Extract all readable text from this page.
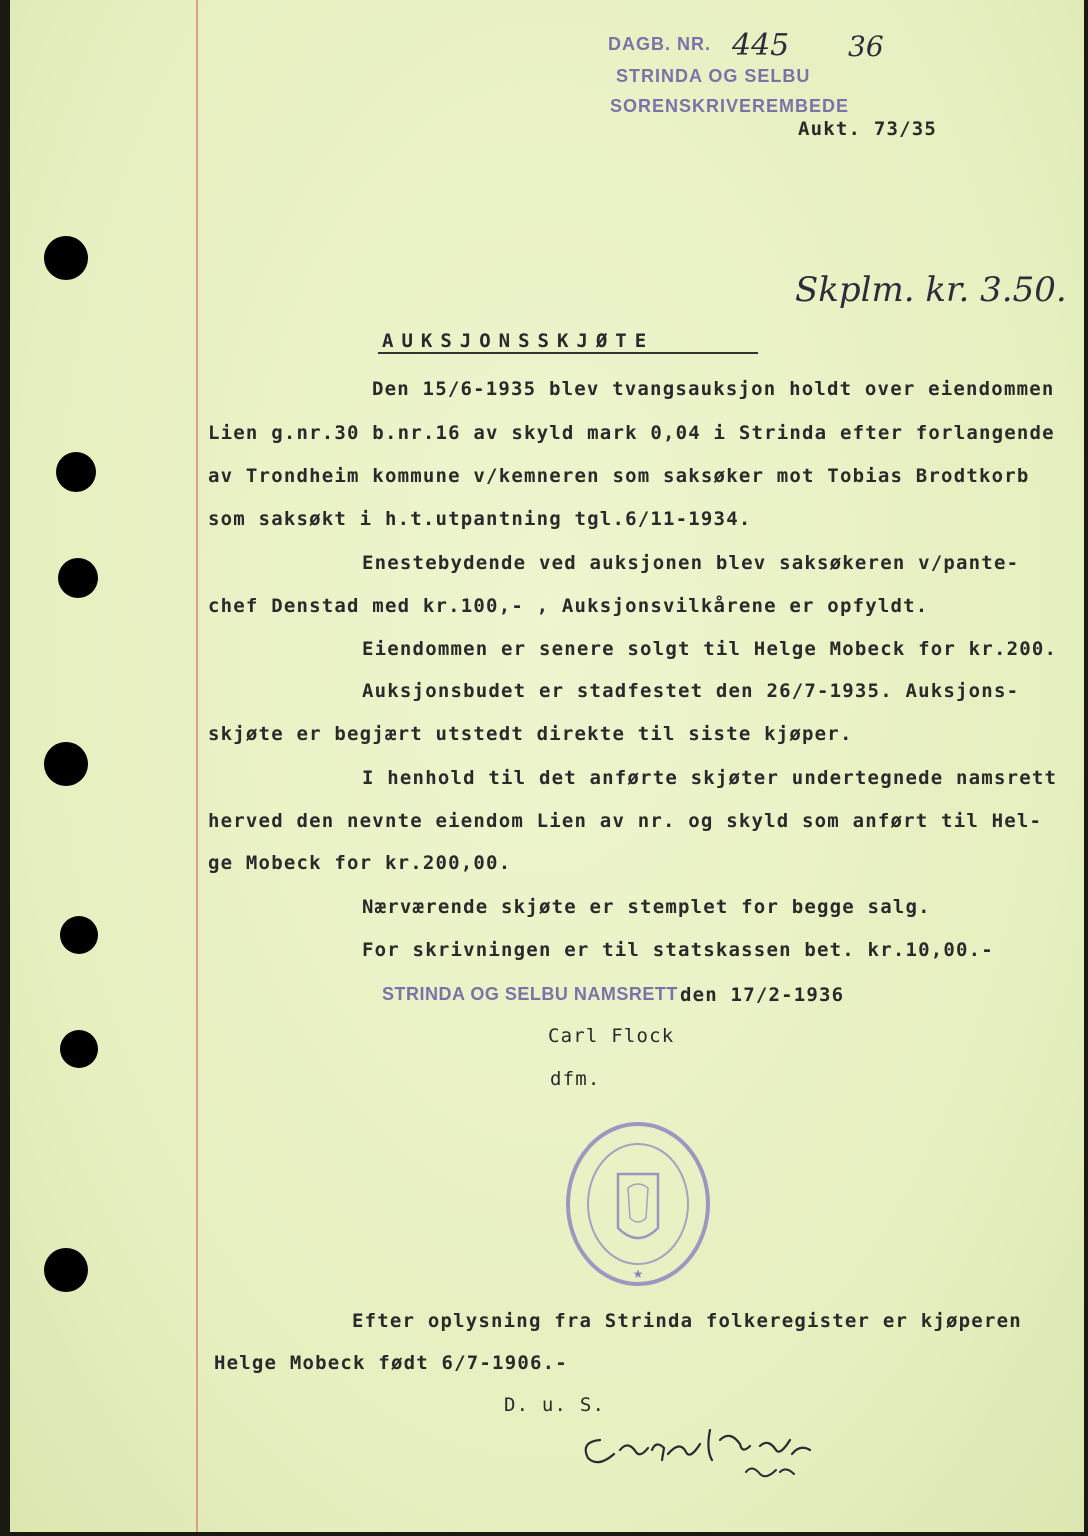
DAGB. NR. 445 36
STRINDA OG SELBU
SORENSKRIVEREMBEDE
Aukt. 73/35
Skplm. kr. 3.50.
AUKSJONSSKJØTE
Den 15/6-1935 blev tvangsauksjon holdt over eiendommen
Lien g.nr.30 b.nr.16 av skyld mark 0,04 i Strinda efter forlangende
av Trondheim kommune v/kemneren som saksøker mot Tobias Brodtkorb
som saksøkt i h.t.utpantning tgl.6/11-1934.
Enestebydende ved auksjonen blev saksøkeren v/pante-
chef Denstad med kr.100,- , Auksjonsvilkårene er opfyldt.
Eiendommen er senere solgt til Helge Mobeck for kr.200.
Auksjonsbudet er stadfestet den 26/7-1935. Auksjons-
skjøte er begjært utstedt direkte til siste kjøper.
I henhold til det anførte skjøter undertegnede namsrett
herved den nevnte eiendom Lien av nr. og skyld som anført til Hel-
ge Mobeck for kr.200,00.
Nærværende skjøte er stemplet for begge salg.
For skrivningen er til statskassen bet. kr.10,00.-
STRINDA OG SELBU NAMSRETT den 17/2-1936
Carl Flock
dfm.
★
Efter oplysning fra Strinda folkeregister er kjøperen
Helge Mobeck født 6/7-1906.-
D. u. S.
